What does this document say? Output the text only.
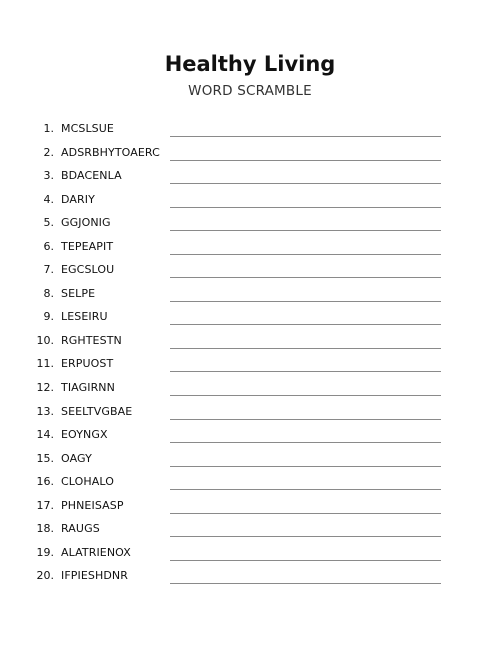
Healthy Living
WORD SCRAMBLE
1. MCSLSUE
2. ADSRBHYTOAERC
3. BDACENLA
4. DARIY
5. GGJONIG
6. TEPEAPIT
7. EGCSLOU
8. SELPE
9. LESEIRU
10. RGHTESTN
11. ERPUOST
12. TIAGIRNN
13. SEELTVGBAE
14. EOYNGX
15. OAGY
16. CLOHALO
17. PHNEISASP
18. RAUGS
19. ALATRIENOX
20. IFPIESHDNR
